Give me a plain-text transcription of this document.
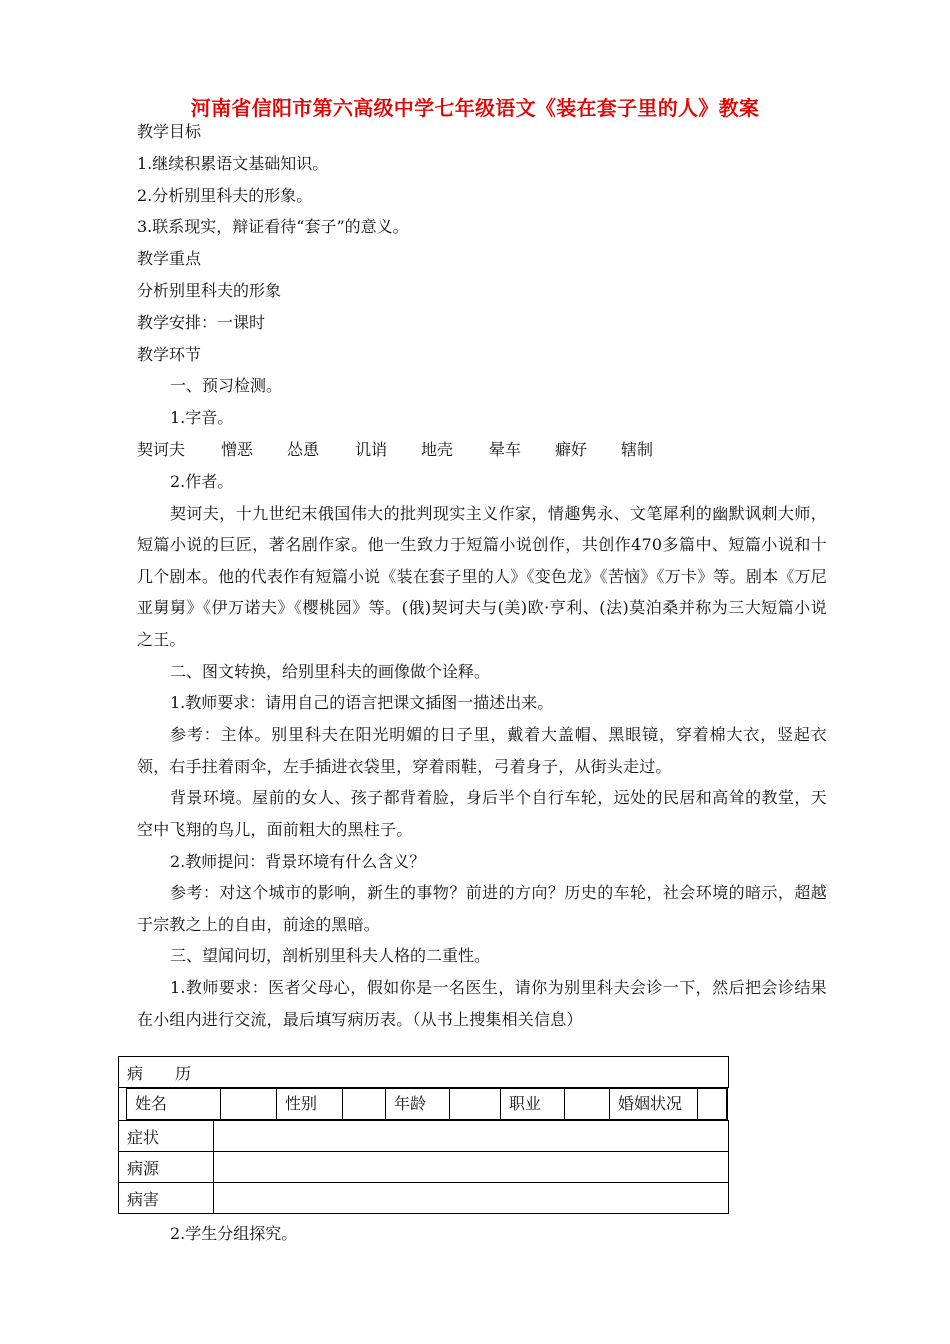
河南省信阳市第六高级中学七年级语文《装在套子里的人》教案

教学目标

1.继续积累语文基础知识。

2.分析别里科夫的形象。

3.联系现实，辩证看待“套子”的意义。

教学重点

分析别里科夫的形象

教学安排：一课时

教学环节

一、预习检测。

1.字音。

契诃夫	憎恶	怂恿	讥诮	地壳	晕车	癖好	辖制

2.作者。

契诃夫，十九世纪末俄国伟大的批判现实主义作家，情趣隽永、文笔犀利的幽默讽刺大师，短篇小说的巨匠，著名剧作家。他一生致力于短篇小说创作，共创作470多篇中、短篇小说和十几个剧本。他的代表作有短篇小说《装在套子里的人》《变色龙》《苦恼》《万卡》等。剧本《万尼亚舅舅》《伊万诺夫》《樱桃园》等。(俄)契诃夫与(美)欧·亨利、(法)莫泊桑并称为三大短篇小说之王。

二、图文转换，给别里科夫的画像做个诠释。

1.教师要求：请用自己的语言把课文插图一描述出来。

参考：主体。别里科夫在阳光明媚的日子里，戴着大盖帽、黑眼镜，穿着棉大衣，竖起衣领，右手拄着雨伞，左手插进衣袋里，穿着雨鞋，弓着身子，从街头走过。

背景环境。屋前的女人、孩子都背着脸，身后半个自行车轮，远处的民居和高耸的教堂，天空中飞翔的鸟儿，面前粗大的黑柱子。

2.教师提问：背景环境有什么含义？

参考：对这个城市的影响，新生的事物？前进的方向？历史的车轮，社会环境的暗示，超越于宗教之上的自由，前途的黑暗。

三、望闻问切，剖析别里科夫人格的二重性。

1.教师要求：医者父母心，假如你是一名医生，请你为别里科夫会诊一下，然后把会诊结果在小组内进行交流，最后填写病历表。（从书上搜集相关信息）

病　　历
姓名	性别	年龄	职业	婚姻状况
症状	
病源	
病害	

2.学生分组探究。
